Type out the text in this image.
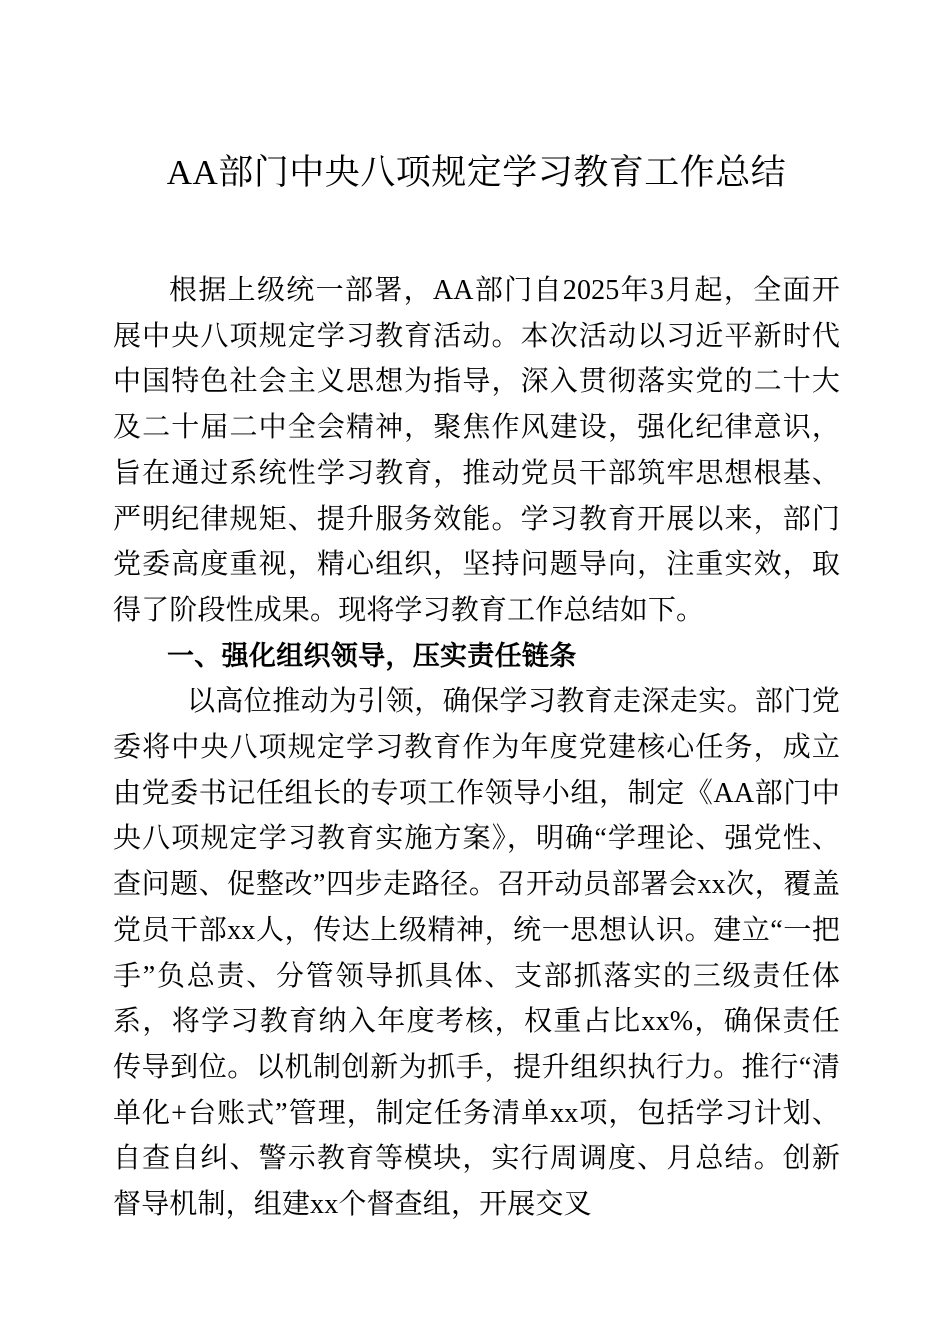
AA部门中央八项规定学习教育工作总结

根据上级统一部署，AA部门自2025年3月起，全面开展中央八项规定学习教育活动。本次活动以习近平新时代中国特色社会主义思想为指导，深入贯彻落实党的二十大及二十届二中全会精神，聚焦作风建设，强化纪律意识，旨在通过系统性学习教育，推动党员干部筑牢思想根基、严明纪律规矩、提升服务效能。学习教育开展以来，部门党委高度重视，精心组织，坚持问题导向，注重实效，取得了阶段性成果。现将学习教育工作总结如下。

一、强化组织领导，压实责任链条

以高位推动为引领，确保学习教育走深走实。部门党委将中央八项规定学习教育作为年度党建核心任务，成立由党委书记任组长的专项工作领导小组，制定《AA部门中央八项规定学习教育实施方案》，明确“学理论、强党性、查问题、促整改”四步走路径。召开动员部署会xx次，覆盖党员干部xx人，传达上级精神，统一思想认识。建立“一把手”负总责、分管领导抓具体、支部抓落实的三级责任体系，将学习教育纳入年度考核，权重占比xx%，确保责任传导到位。以机制创新为抓手，提升组织执行力。推行“清单化+台账式”管理，制定任务清单xx项，包括学习计划、自查自纠、警示教育等模块，实行周调度、月总结。创新督导机制，组建xx个督查组，开展交叉
